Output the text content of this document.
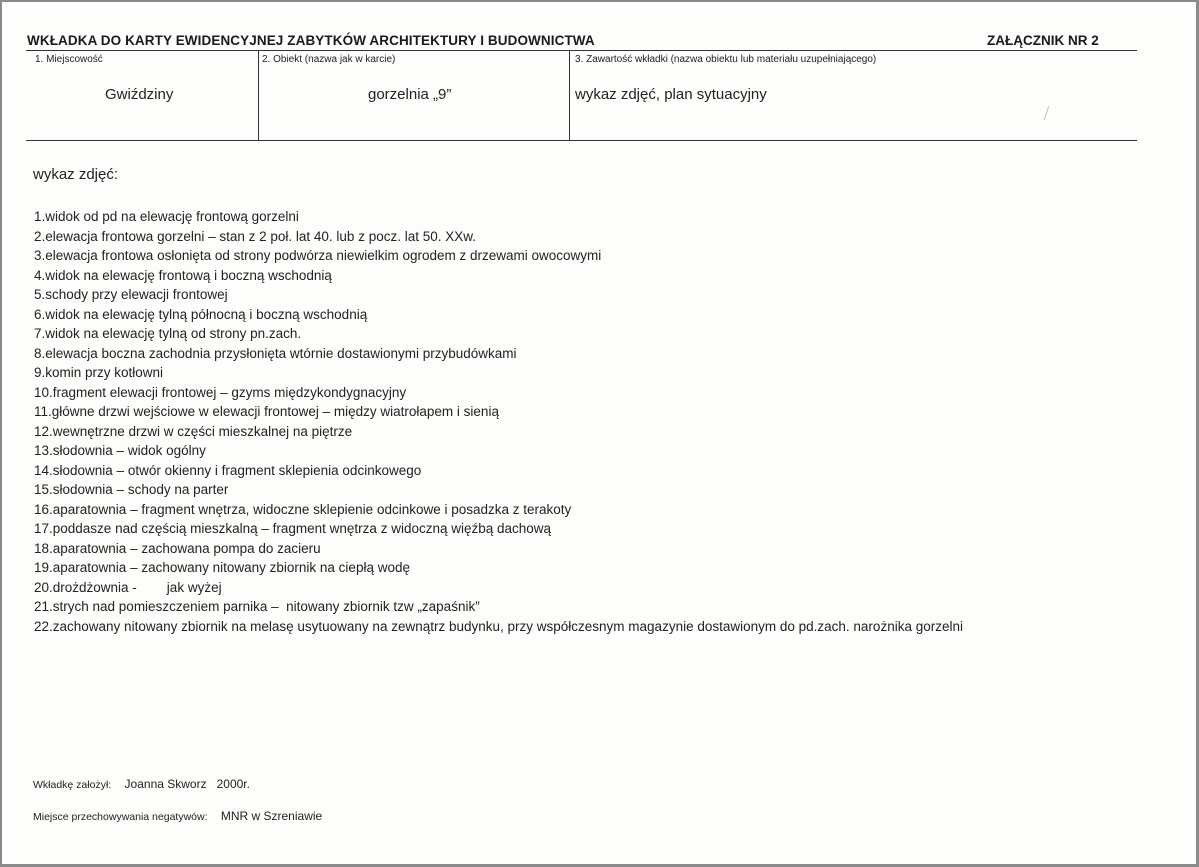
WKŁADKA DO KARTY EWIDENCYJNEJ ZABYTKÓW ARCHITEKTURY I BUDOWNICTWA	ZAŁĄCZNIK NR 2
1. Miejscowość
Gwiździny
2. Obiekt (nazwa jak w karcie)
gorzelnia „9”
3. Zawartość wkładki (nazwa obiektu lub materiału uzupełniającego)
wykaz zdjęć, plan sytuacyjny
wykaz zdjęć:
1.widok od pd na elewację frontową gorzelni
2.elewacja frontowa gorzelni – stan z 2 poł. lat 40. lub z pocz. lat 50. XXw.
3.elewacja frontowa osłonięta od strony podwórza niewielkim ogrodem z drzewami owocowymi
4.widok na elewację frontową i boczną wschodnią
5.schody przy elewacji frontowej
6.widok na elewację tylną północną i boczną wschodnią
7.widok na elewację tylną od strony pn.zach.
8.elewacja boczna zachodnia przysłonięta wtórnie dostawionymi przybudówkami
9.komin przy kotłowni
10.fragment elewacji frontowej – gzyms międzykondygnacyjny
11.główne drzwi wejściowe w elewacji frontowej – między wiatrołapem i sienią
12.wewnętrzne drzwi w części mieszkalnej na piętrze
13.słodownia – widok ogólny
14.słodownia – otwór okienny i fragment sklepienia odcinkowego
15.słodownia – schody na parter
16.aparatownia – fragment wnętrza, widoczne sklepienie odcinkowe i posadzka z terakoty
17.poddasze nad częścią mieszkalną – fragment wnętrza z widoczną więźbą dachową
18.aparatownia – zachowana pompa do zacieru
19.aparatownia – zachowany nitowany zbiornik na ciepłą wodę
20.drożdżownia -        jak wyżej
21.strych nad pomieszczeniem parnika –  nitowany zbiornik tzw „zapaśnik”
22.zachowany nitowany zbiornik na melasę usytuowany na zewnątrz budynku, przy współczesnym magazynie dostawionym do pd.zach. narożnika gorzelni
Wkładkę założył: Joanna Skworz   2000r.
Miejsce przechowywania negatywów: MNR w Szreniawie
